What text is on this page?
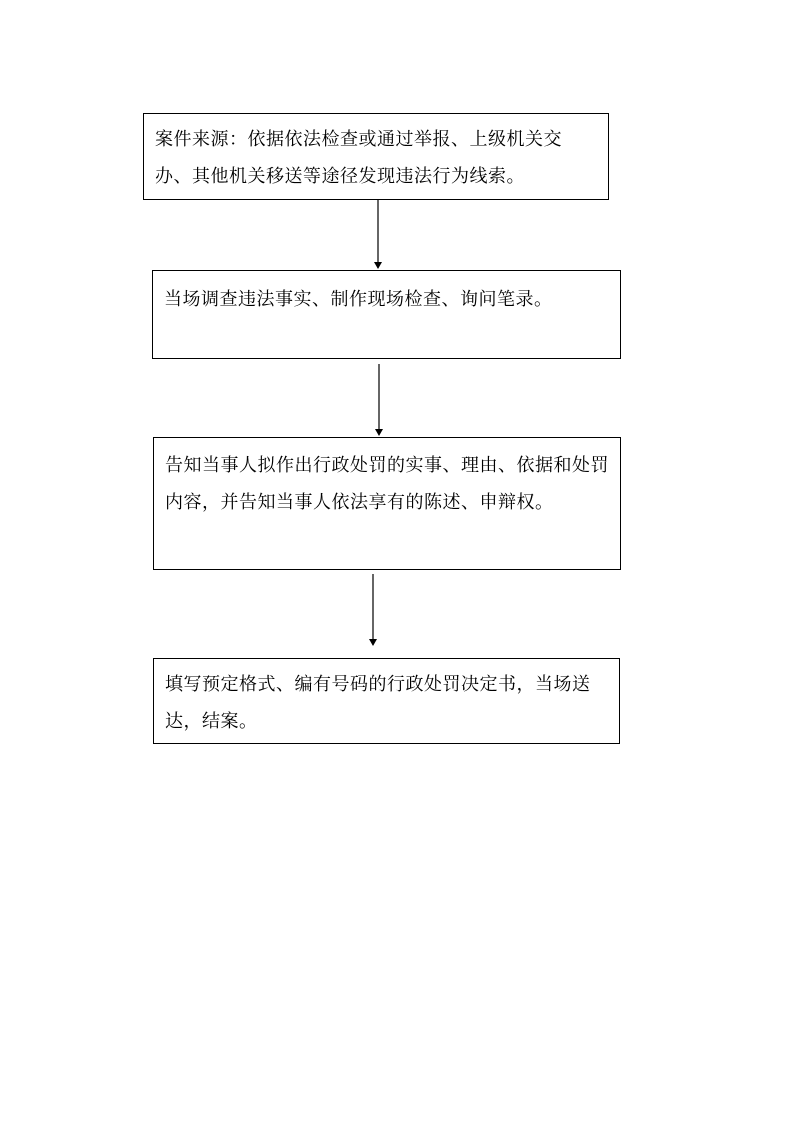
案件来源：依据依法检查或通过举报、上级机关交办、其他机关移送等途径发现违法行为线索。
当场调查违法事实、制作现场检查、询问笔录。
告知当事人拟作出行政处罚的实事、理由、依据和处罚内容，并告知当事人依法享有的陈述、申辩权。
填写预定格式、编有号码的行政处罚决定书，当场送达，结案。
